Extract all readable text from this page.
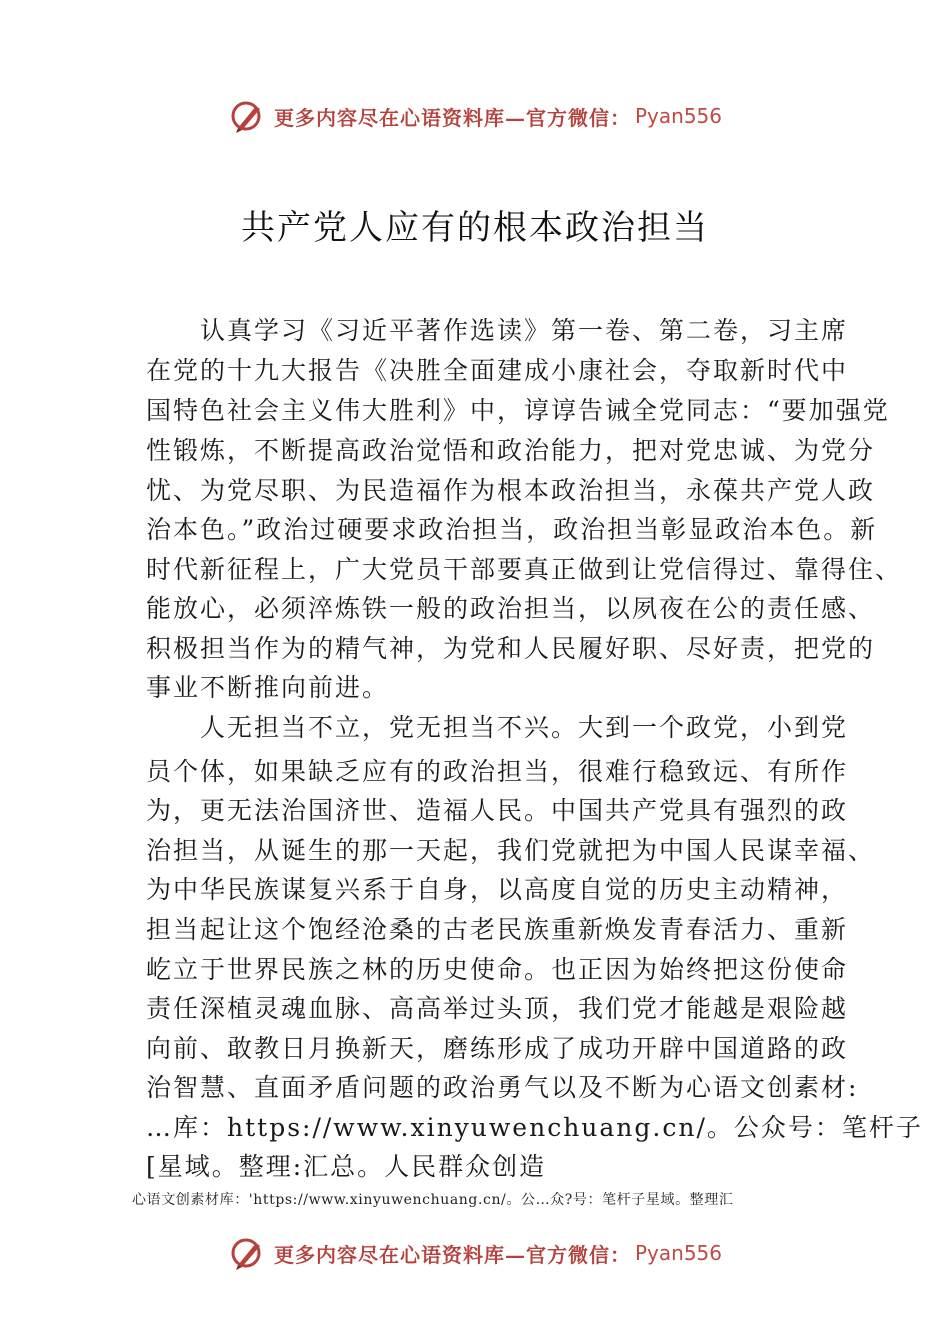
更多内容尽在心语资料库—官方微信： Pyan556
共产党人应有的根本政治担当
认真学习《习近平著作选读》第一卷、第二卷，习主席
在党的十九大报告《决胜全面建成小康社会，夺取新时代中
国特色社会主义伟大胜利》中，谆谆告诫全党同志：“要加强党
性锻炼，不断提高政治觉悟和政治能力，把对党忠诚、为党分
忧、为党尽职、为民造福作为根本政治担当，永葆共产党人政
治本色。”政治过硬要求政治担当，政治担当彰显政治本色。新
时代新征程上，广大党员干部要真正做到让党信得过、靠得住、
能放心，必须淬炼铁一般的政治担当，以夙夜在公的责任感、
积极担当作为的精气神，为党和人民履好职、尽好责，把党的
事业不断推向前进。
人无担当不立，党无担当不兴。大到一个政党，小到党
员个体，如果缺乏应有的政治担当，很难行稳致远、有所作
为，更无法治国济世、造福人民。中国共产党具有强烈的政
治担当，从诞生的那一天起，我们党就把为中国人民谋幸福、
为中华民族谋复兴系于自身，以高度自觉的历史主动精神，
担当起让这个饱经沧桑的古老民族重新焕发青春活力、重新
屹立于世界民族之林的历史使命。也正因为始终把这份使命
责任深植灵魂血脉、高高举过头顶，我们党才能越是艰险越
向前、敢教日月换新天，磨练形成了成功开辟中国道路的政
治智慧、直面矛盾问题的政治勇气以及不断为心语文创素材:
…库：https://www.xinyuwenchuang.cn/。公众号：笔杆子
[星域。整理:汇总。人民群众创造
心语文创素材库：'https://www.xinyuwenchuang.cn/。公…众?号：笔杆子星域。整理汇
更多内容尽在心语资料库—官方微信： Pyan556
